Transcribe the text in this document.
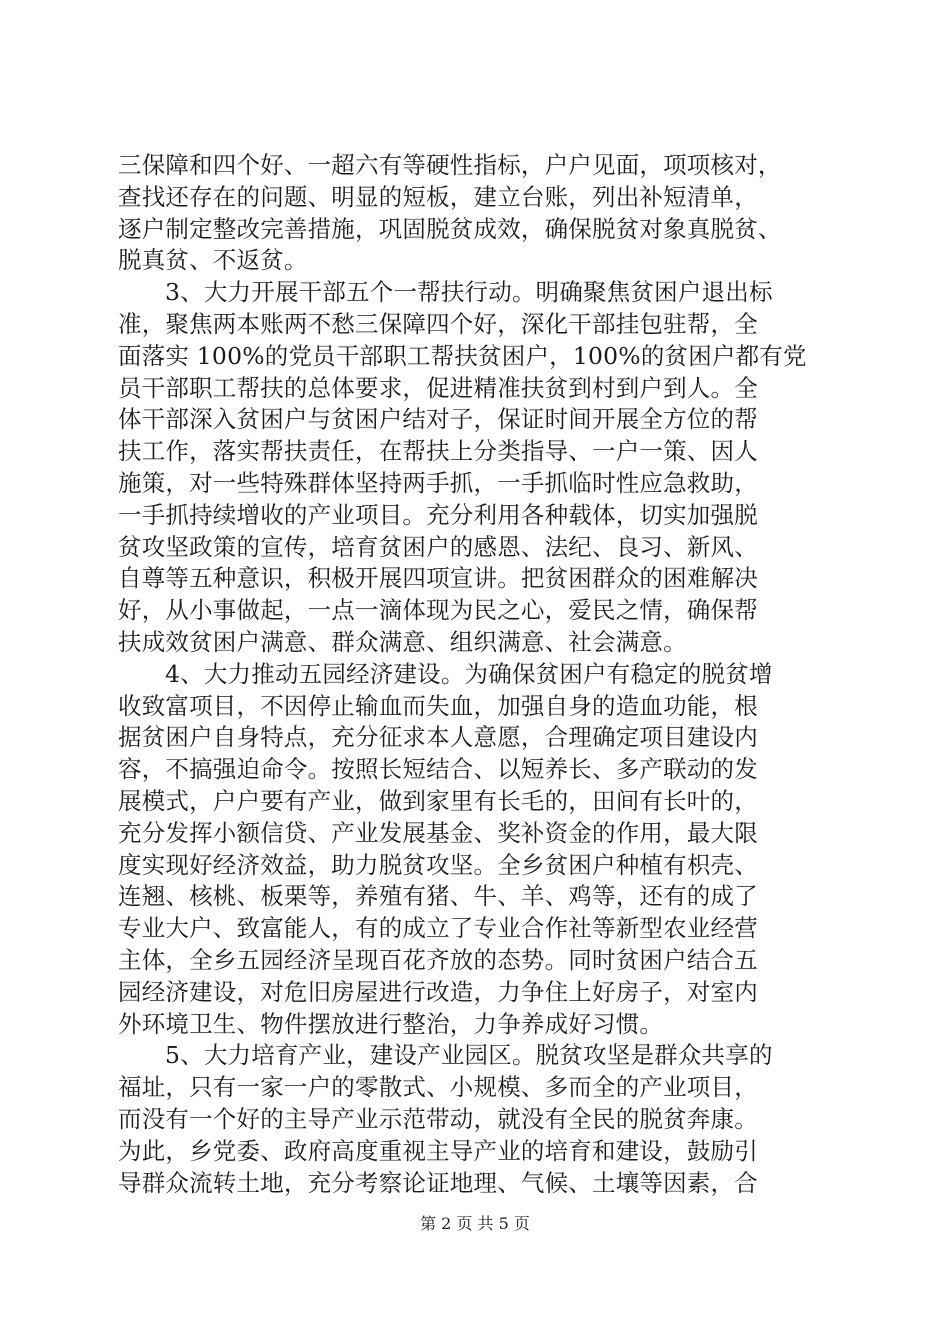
三保障和四个好、一超六有等硬性指标，户户见面，项项核对，
查找还存在的问题、明显的短板，建立台账，列出补短清单，
逐户制定整改完善措施，巩固脱贫成效，确保脱贫对象真脱贫、
脱真贫、不返贫。
3、大力开展干部五个一帮扶行动。明确聚焦贫困户退出标
准，聚焦两本账两不愁三保障四个好，深化干部挂包驻帮，全
面落实 100%的党员干部职工帮扶贫困户，100%的贫困户都有党
员干部职工帮扶的总体要求，促进精准扶贫到村到户到人。全
体干部深入贫困户与贫困户结对子，保证时间开展全方位的帮
扶工作，落实帮扶责任，在帮扶上分类指导、一户一策、因人
施策，对一些特殊群体坚持两手抓，一手抓临时性应急救助，
一手抓持续增收的产业项目。充分利用各种载体，切实加强脱
贫攻坚政策的宣传，培育贫困户的感恩、法纪、良习、新风、
自尊等五种意识，积极开展四项宣讲。把贫困群众的困难解决
好，从小事做起，一点一滴体现为民之心，爱民之情，确保帮
扶成效贫困户满意、群众满意、组织满意、社会满意。
4、大力推动五园经济建设。为确保贫困户有稳定的脱贫增
收致富项目，不因停止输血而失血，加强自身的造血功能，根
据贫困户自身特点，充分征求本人意愿，合理确定项目建设内
容，不搞强迫命令。按照长短结合、以短养长、多产联动的发
展模式，户户要有产业，做到家里有长毛的，田间有长叶的，
充分发挥小额信贷、产业发展基金、奖补资金的作用，最大限
度实现好经济效益，助力脱贫攻坚。全乡贫困户种植有枳壳、
连翘、核桃、板栗等，养殖有猪、牛、羊、鸡等，还有的成了
专业大户、致富能人，有的成立了专业合作社等新型农业经营
主体，全乡五园经济呈现百花齐放的态势。同时贫困户结合五
园经济建设，对危旧房屋进行改造，力争住上好房子，对室内
外环境卫生、物件摆放进行整治，力争养成好习惯。
5、大力培育产业，建设产业园区。脱贫攻坚是群众共享的
福址，只有一家一户的零散式、小规模、多而全的产业项目，
而没有一个好的主导产业示范带动，就没有全民的脱贫奔康。
为此，乡党委、政府高度重视主导产业的培育和建设，鼓励引
导群众流转土地，充分考察论证地理、气候、土壤等因素，合
第 2 页 共 5 页
